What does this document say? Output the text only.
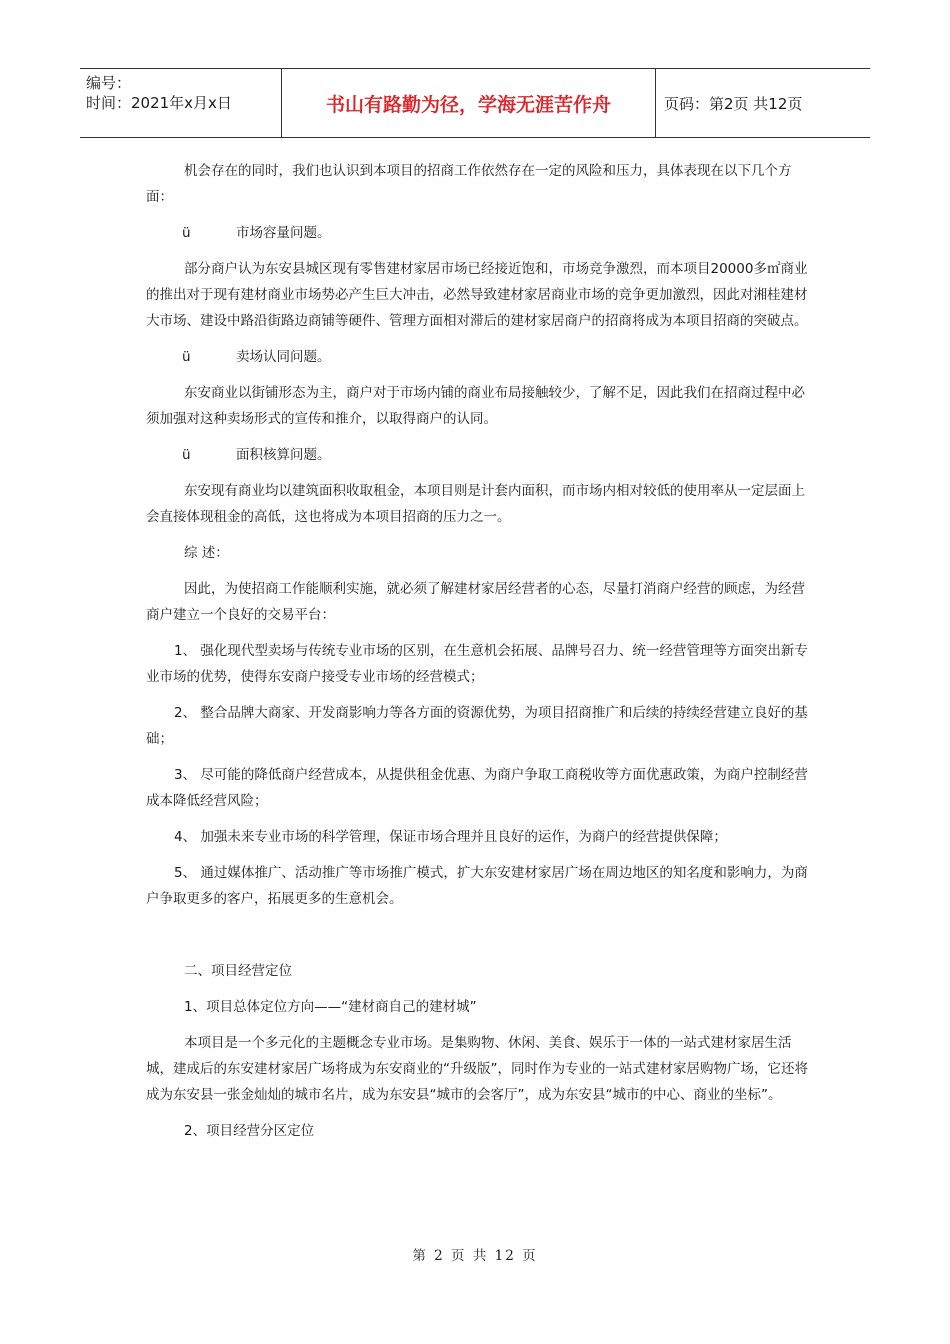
编号：
时间：2021年x月x日	书山有路勤为径，学海无涯苦作舟	页码：第2页 共12页

机会存在的同时，我们也认识到本项目的招商工作依然存在一定的风险和压力，具体表现在以下几个方面：

ü	市场容量问题。

部分商户认为东安县城区现有零售建材家居市场已经接近饱和，市场竞争激烈，而本项目20000多㎡商业的推出对于现有建材商业市场势必产生巨大冲击，必然导致建材家居商业市场的竞争更加激烈，因此对湘桂建材大市场、建设中路沿街路边商铺等硬件、管理方面相对滞后的建材家居商户的招商将成为本项目招商的突破点。

ü	卖场认同问题。

东安商业以街铺形态为主，商户对于市场内铺的商业布局接触较少，了解不足，因此我们在招商过程中必须加强对这种卖场形式的宣传和推介，以取得商户的认同。

ü	面积核算问题。

东安现有商业均以建筑面积收取租金，本项目则是计套内面积，而市场内相对较低的使用率从一定层面上会直接体现租金的高低，这也将成为本项目招商的压力之一。

综 述：

因此，为使招商工作能顺利实施，就必须了解建材家居经营者的心态，尽量打消商户经营的顾虑，为经营商户建立一个良好的交易平台：

1、 强化现代型卖场与传统专业市场的区别，在生意机会拓展、品牌号召力、统一经营管理等方面突出新专业市场的优势，使得东安商户接受专业市场的经营模式；

2、 整合品牌大商家、开发商影响力等各方面的资源优势，为项目招商推广和后续的持续经营建立良好的基础；

3、 尽可能的降低商户经营成本，从提供租金优惠、为商户争取工商税收等方面优惠政策，为商户控制经营成本降低经营风险；

4、 加强未来专业市场的科学管理，保证市场合理并且良好的运作，为商户的经营提供保障；

5、 通过媒体推广、活动推广等市场推广模式，扩大东安建材家居广场在周边地区的知名度和影响力，为商户争取更多的客户，拓展更多的生意机会。

二、项目经营定位

1、项目总体定位方向——“建材商自己的建材城”

本项目是一个多元化的主题概念专业市场。是集购物、休闲、美食、娱乐于一体的一站式建材家居生活城，建成后的东安建材家居广场将成为东安商业的“升级版”，同时作为专业的一站式建材家居购物广场，它还将成为东安县一张金灿灿的城市名片，成为东安县“城市的会客厅”，成为东安县“城市的中心、商业的坐标”。

2、项目经营分区定位

第 2 页 共 12 页
